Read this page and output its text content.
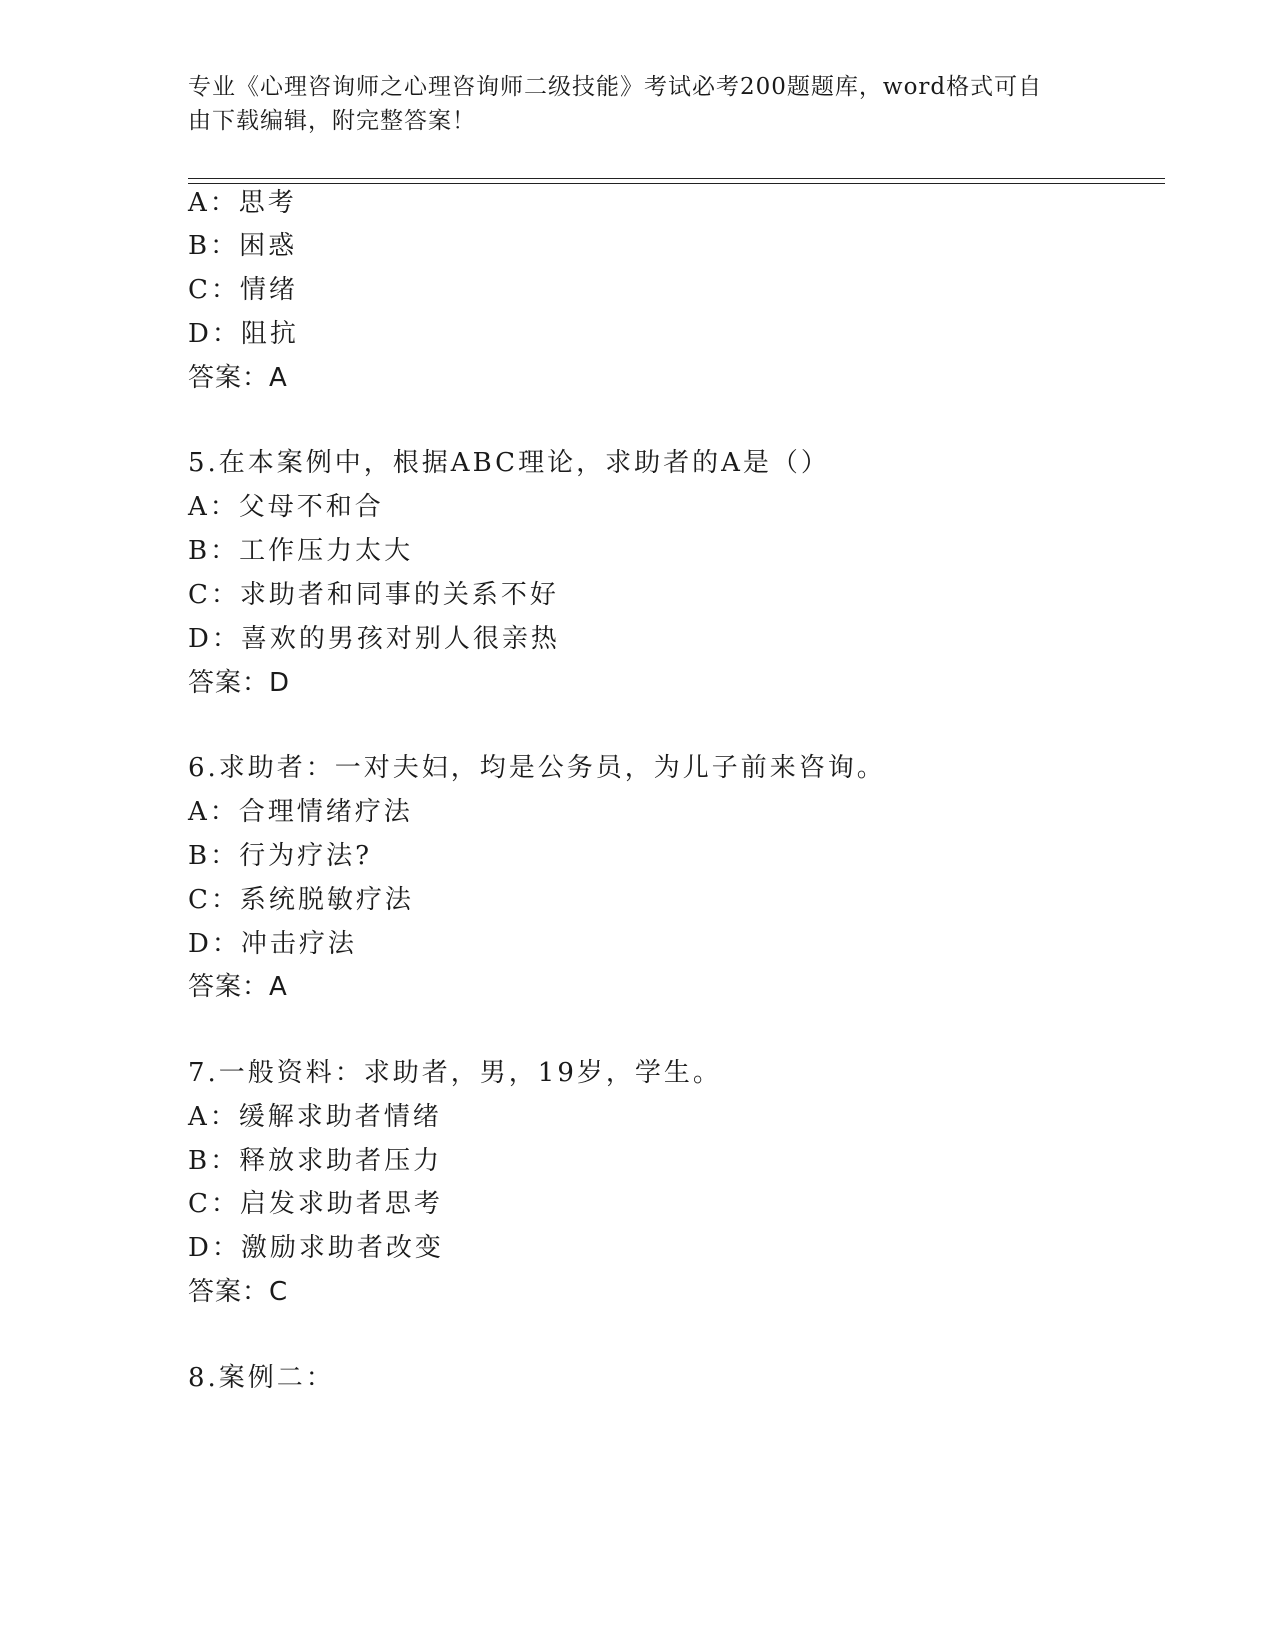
专业《心理咨询师之心理咨询师二级技能》考试必考200题题库，word格式可自
由下载编辑，附完整答案！
A：思考
B：困惑
C：情绪
D：阻抗
答案：A
5.在本案例中，根据ABC理论，求助者的A是（）
A：父母不和合
B：工作压力太大
C：求助者和同事的关系不好
D：喜欢的男孩对别人很亲热
答案：D
6.求助者：一对夫妇，均是公务员，为儿子前来咨询。
A：合理情绪疗法
B：行为疗法?
C：系统脱敏疗法
D：冲击疗法
答案：A
7.一般资料：求助者，男，19岁，学生。
A：缓解求助者情绪
B：释放求助者压力
C：启发求助者思考
D：激励求助者改变
答案：C
8.案例二：
